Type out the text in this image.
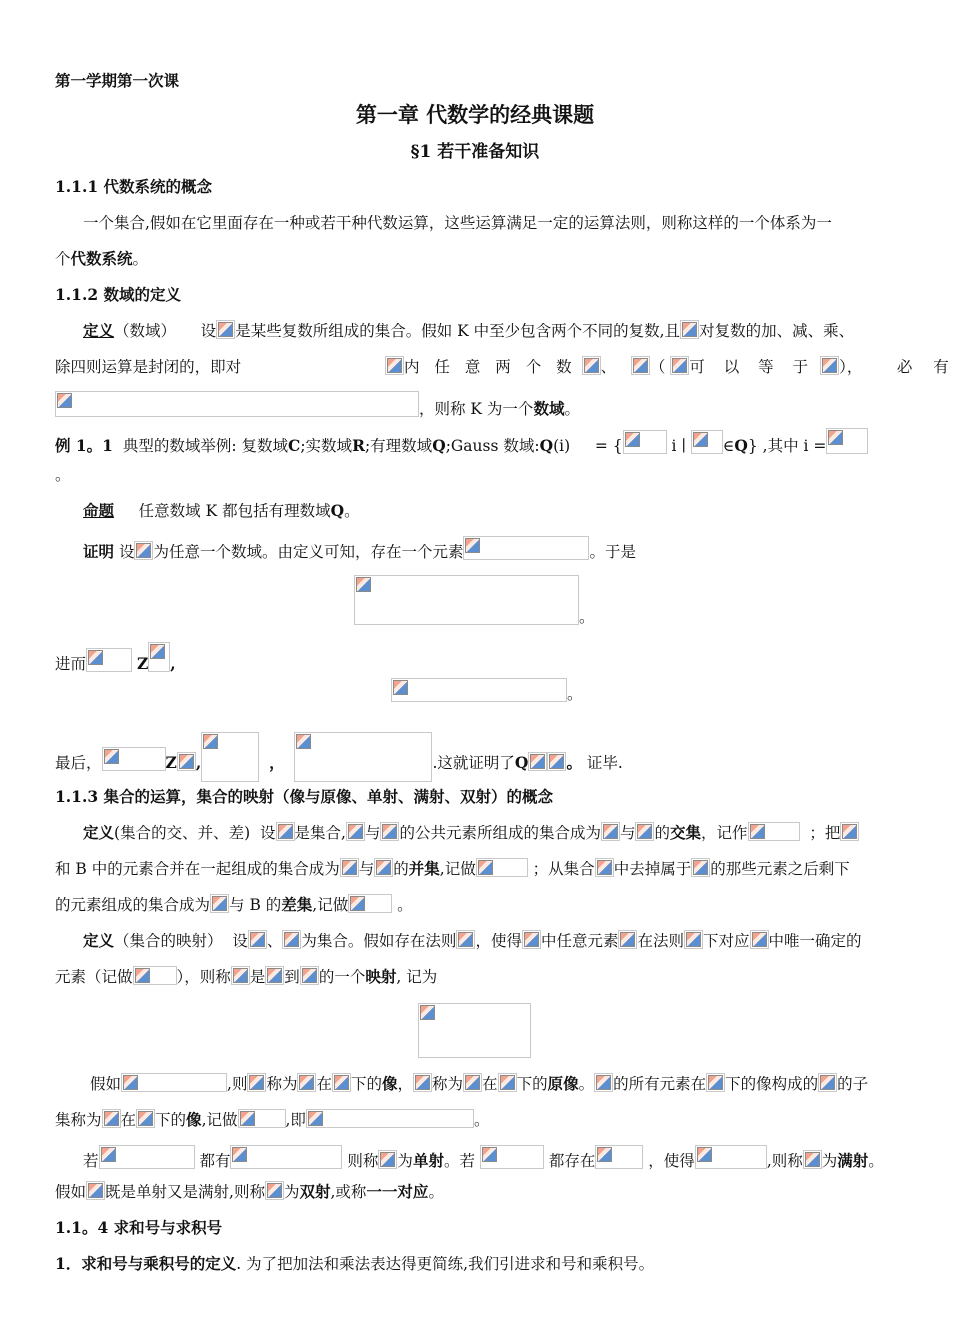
第一学期第一次课
第一章 代数学的经典课题
§1 若干准备知识
1.1.1 代数系统的概念
一个集合,假如在它里面存在一种或若干种代数运算，这些运算满足一定的运算法则，则称这样的一个体系为一
个代数系统。
1.1.2 数域的定义
定义（数域） 设 是某些复数所组成的集合。假如 K 中至少包含两个不同的复数,且 对复数的加、减、乘、
除四则运算是封闭的，即对	内 任 意 两 个 数 、 （ 可 以 等 于 ）， 必 有
，则称 K 为一个数域。
例 1。1 典型的数域举例: 复数域C;实数域R;有理数域Q;Gauss 数域:Q(i) = {	i ∣ ∈Q} ,其中 i =
。
命题 任意数域 K 都包括有理数域Q。
证明 设 为任意一个数域。由定义可知，存在一个元素	。于是
。
进而	Z ,
。
最后，	Z ,	，	.这就证明了Q 。 证毕.
1.1.3 集合的运算，集合的映射（像与原像、单射、满射、双射）的概念
定义(集合的交、并、差) 设 是集合, 与 的公共元素所组成的集合成为 与 的交集，记作	；把
和 B 中的元素合并在一起组成的集合成为 与 的并集,记做	；从集合 中去掉属于 的那些元素之后剩下
的元素组成的集合成为 与 B 的差集,记做	。
定义（集合的映射） 设 、 为集合。假如存在法则 ，使得 中任意元素 在法则 下对应 中唯一确定的
元素（记做	），则称 是 到 的一个映射, 记为
假如	,则 称为 在 下的像， 称为 在 下的原像。 的所有元素在 下的像构成的 的子
集称为 在 下的像,记做	,即	。
若	都有	则称 为单射。若	都存在	，使得	,则称 为满射。
假如 既是单射又是满射,则称 为双射,或称一一对应。
1.1。4 求和号与求积号
1．求和号与乘积号的定义. 为了把加法和乘法表达得更简练,我们引进求和号和乘积号。
